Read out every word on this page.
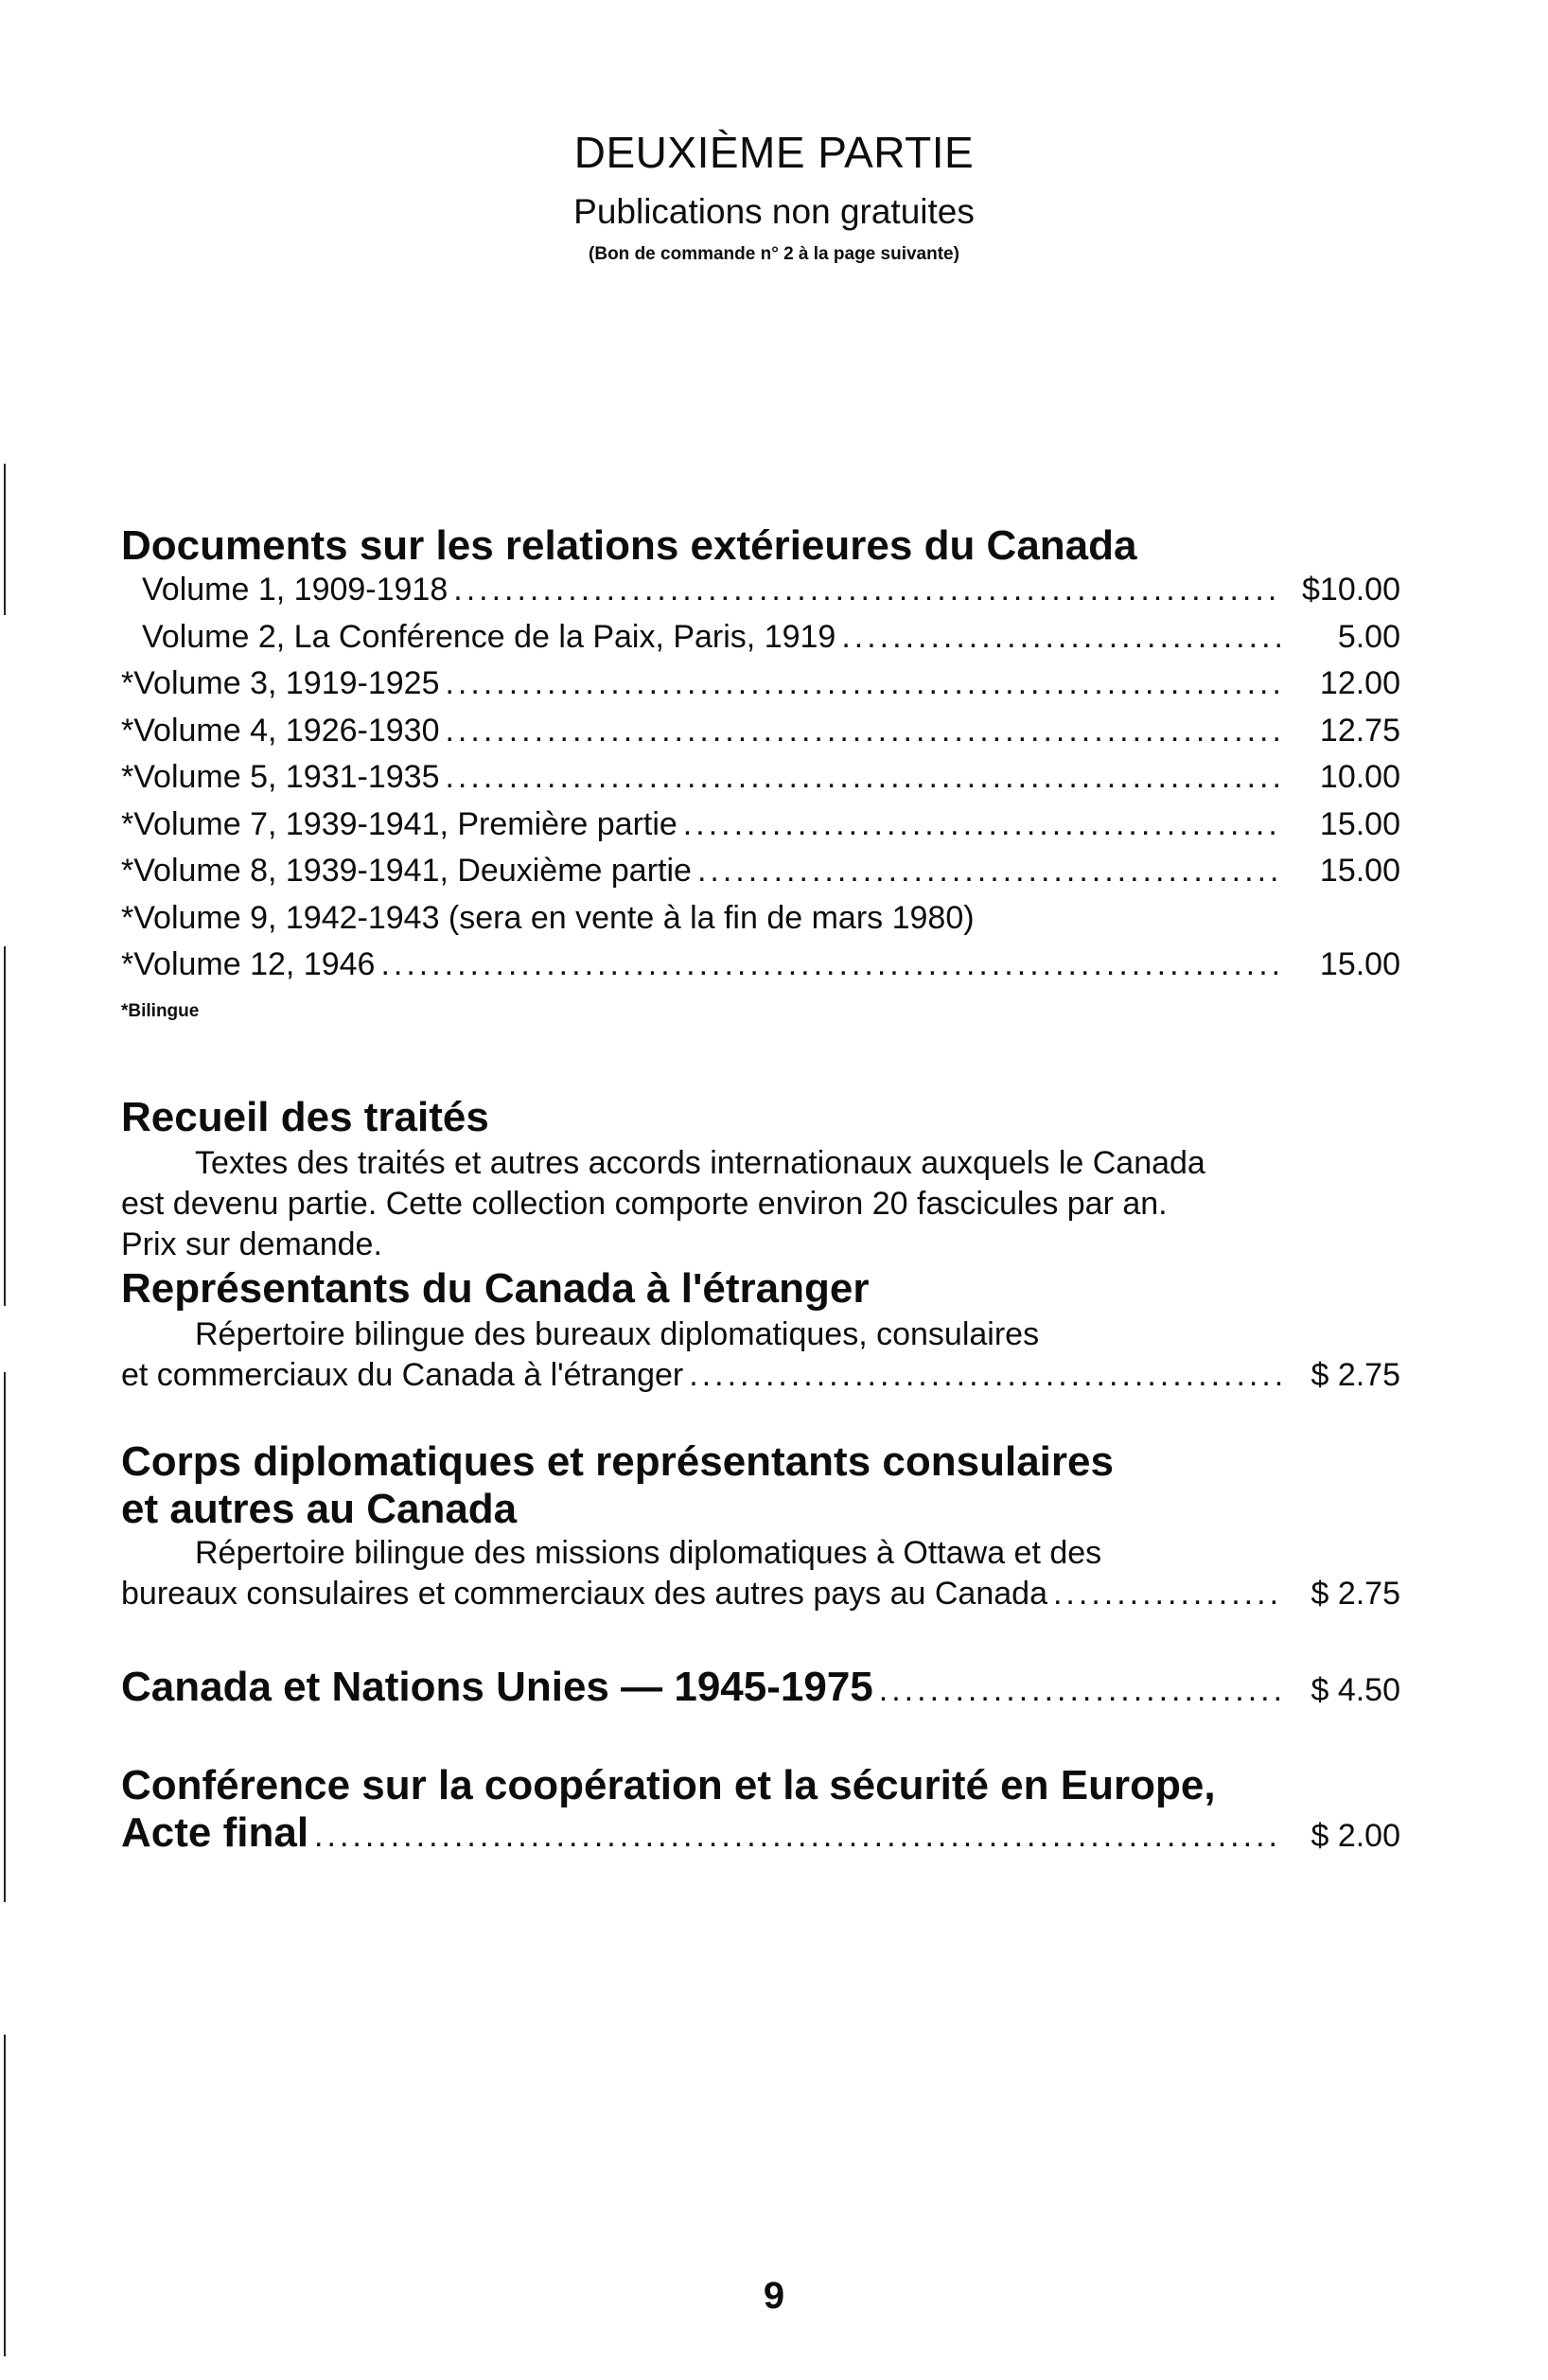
DEUXIÈME PARTIE
Publications non gratuites
(Bon de commande n° 2 à la page suivante)
Documents sur les relations extérieures du Canada
Volume 1, 1909-1918 .....	$10.00
Volume 2, La Conférence de la Paix, Paris, 1919 .....	5.00
*Volume 3, 1919-1925 .....	12.00
*Volume 4, 1926-1930 .....	12.75
*Volume 5, 1931-1935 .....	10.00
*Volume 7, 1939-1941, Première partie .....	15.00
*Volume 8, 1939-1941, Deuxième partie .....	15.00
*Volume 9, 1942-1943 (sera en vente à la fin de mars 1980)
*Volume 12, 1946 .....	15.00
*Bilingue
Recueil des traités
Textes des traités et autres accords internationaux auxquels le Canada
est devenu partie. Cette collection comporte environ 20 fascicules par an.
Prix sur demande.
Représentants du Canada à l'étranger
Répertoire bilingue des bureaux diplomatiques, consulaires
et commerciaux du Canada à l'étranger .....	$ 2.75
Corps diplomatiques et représentants consulaires
et autres au Canada
Répertoire bilingue des missions diplomatiques à Ottawa et des
bureaux consulaires et commerciaux des autres pays au Canada .....	$ 2.75
Canada et Nations Unies — 1945-1975 .....	$ 4.50
Conférence sur la coopération et la sécurité en Europe,
Acte final .....	$ 2.00
9
